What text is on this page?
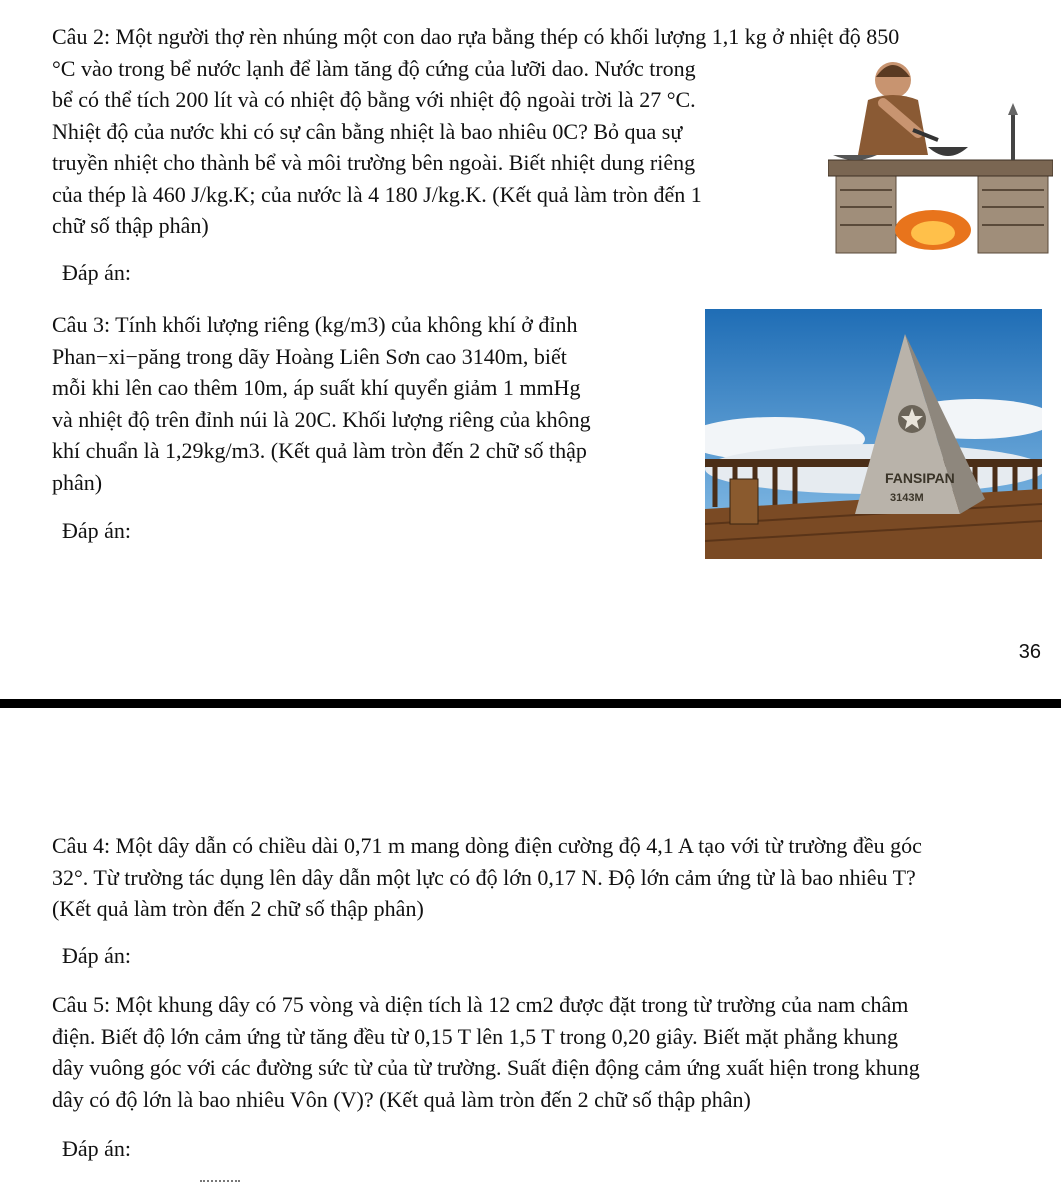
Câu 2: Một người thợ rèn nhúng một con dao rựa bằng thép có khối lượng 1,1 kg ở nhiệt độ 850
°C vào trong bể nước lạnh để làm tăng độ cứng của lưỡi dao. Nước trong
bể có thể tích 200 lít và có nhiệt độ bằng với nhiệt độ ngoài trời là 27 °C.
Nhiệt độ của nước khi có sự cân bằng nhiệt là bao nhiêu 0C? Bỏ qua sự
truyền nhiệt cho thành bể và môi trường bên ngoài. Biết nhiệt dung riêng
của thép là 460 J/kg.K; của nước là 4 180 J/kg.K. (Kết quả làm tròn đến 1
chữ số thập phân)
Đáp án:
Câu 3: Tính khối lượng riêng (kg/m3) của không khí ở đỉnh
Phan−xi−păng trong dãy Hoàng Liên Sơn cao 3140m, biết
mỗi khi lên cao thêm 10m, áp suất khí quyển giảm 1 mmHg
và nhiệt độ trên đỉnh núi là 20C. Khối lượng riêng của không
khí chuẩn là 1,29kg/m3. (Kết quả làm tròn đến 2 chữ số thập
phân)
Đáp án:
FANSIPAN
3143M
36
Câu 4: Một dây dẫn có chiều dài 0,71 m mang dòng điện cường độ 4,1 A tạo với từ trường đều góc
32°. Từ trường tác dụng lên dây dẫn một lực có độ lớn 0,17 N. Độ lớn cảm ứng từ là bao nhiêu T?
(Kết quả làm tròn đến 2 chữ số thập phân)
Đáp án:
Câu 5: Một khung dây có 75 vòng và diện tích là 12 cm2 được đặt trong từ trường của nam châm
điện. Biết độ lớn cảm ứng từ tăng đều từ 0,15 T lên 1,5 T trong 0,20 giây. Biết mặt phẳng khung
dây vuông góc với các đường sức từ của từ trường. Suất điện động cảm ứng xuất hiện trong khung
dây có độ lớn là bao nhiêu Vôn (V)? (Kết quả làm tròn đến 2 chữ số thập phân)
Đáp án:
